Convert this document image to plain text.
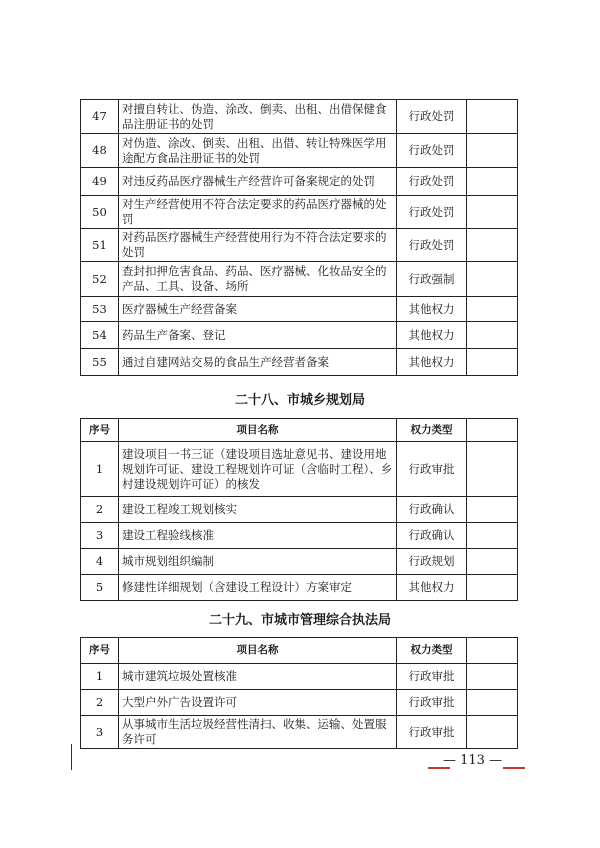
47	对擅自转让、伪造、涂改、倒卖、出租、出借保健食品注册证书的处罚	行政处罚	
48	对伪造、涂改、倒卖、出租、出借、转让特殊医学用途配方食品注册证书的处罚	行政处罚	
49	对违反药品医疗器械生产经营许可备案规定的处罚	行政处罚	
50	对生产经营使用不符合法定要求的药品医疗器械的处罚	行政处罚	
51	对药品医疗器械生产经营使用行为不符合法定要求的处罚	行政处罚	
52	查封扣押危害食品、药品、医疗器械、化妆品安全的产品、工具、设备、场所	行政强制	
53	医疗器械生产经营备案	其他权力	
54	药品生产备案、登记	其他权力	
55	通过自建网站交易的食品生产经营者备案	其他权力	
二十八、市城乡规划局
序号	项目名称	权力类型	
1	建设项目一书三证（建设项目选址意见书、建设用地规划许可证、建设工程规划许可证（含临时工程）、乡村建设规划许可证）的核发	行政审批	
2	建设工程竣工规划核实	行政确认	
3	建设工程验线核准	行政确认	
4	城市规划组织编制	行政规划	
5	修建性详细规划（含建设工程设计）方案审定	其他权力	
二十九、市城市管理综合执法局
序号	项目名称	权力类型	
1	城市建筑垃圾处置核准	行政审批	
2	大型户外广告设置许可	行政审批	
3	从事城市生活垃圾经营性清扫、收集、运输、处置服务许可	行政审批	
— 113 —
